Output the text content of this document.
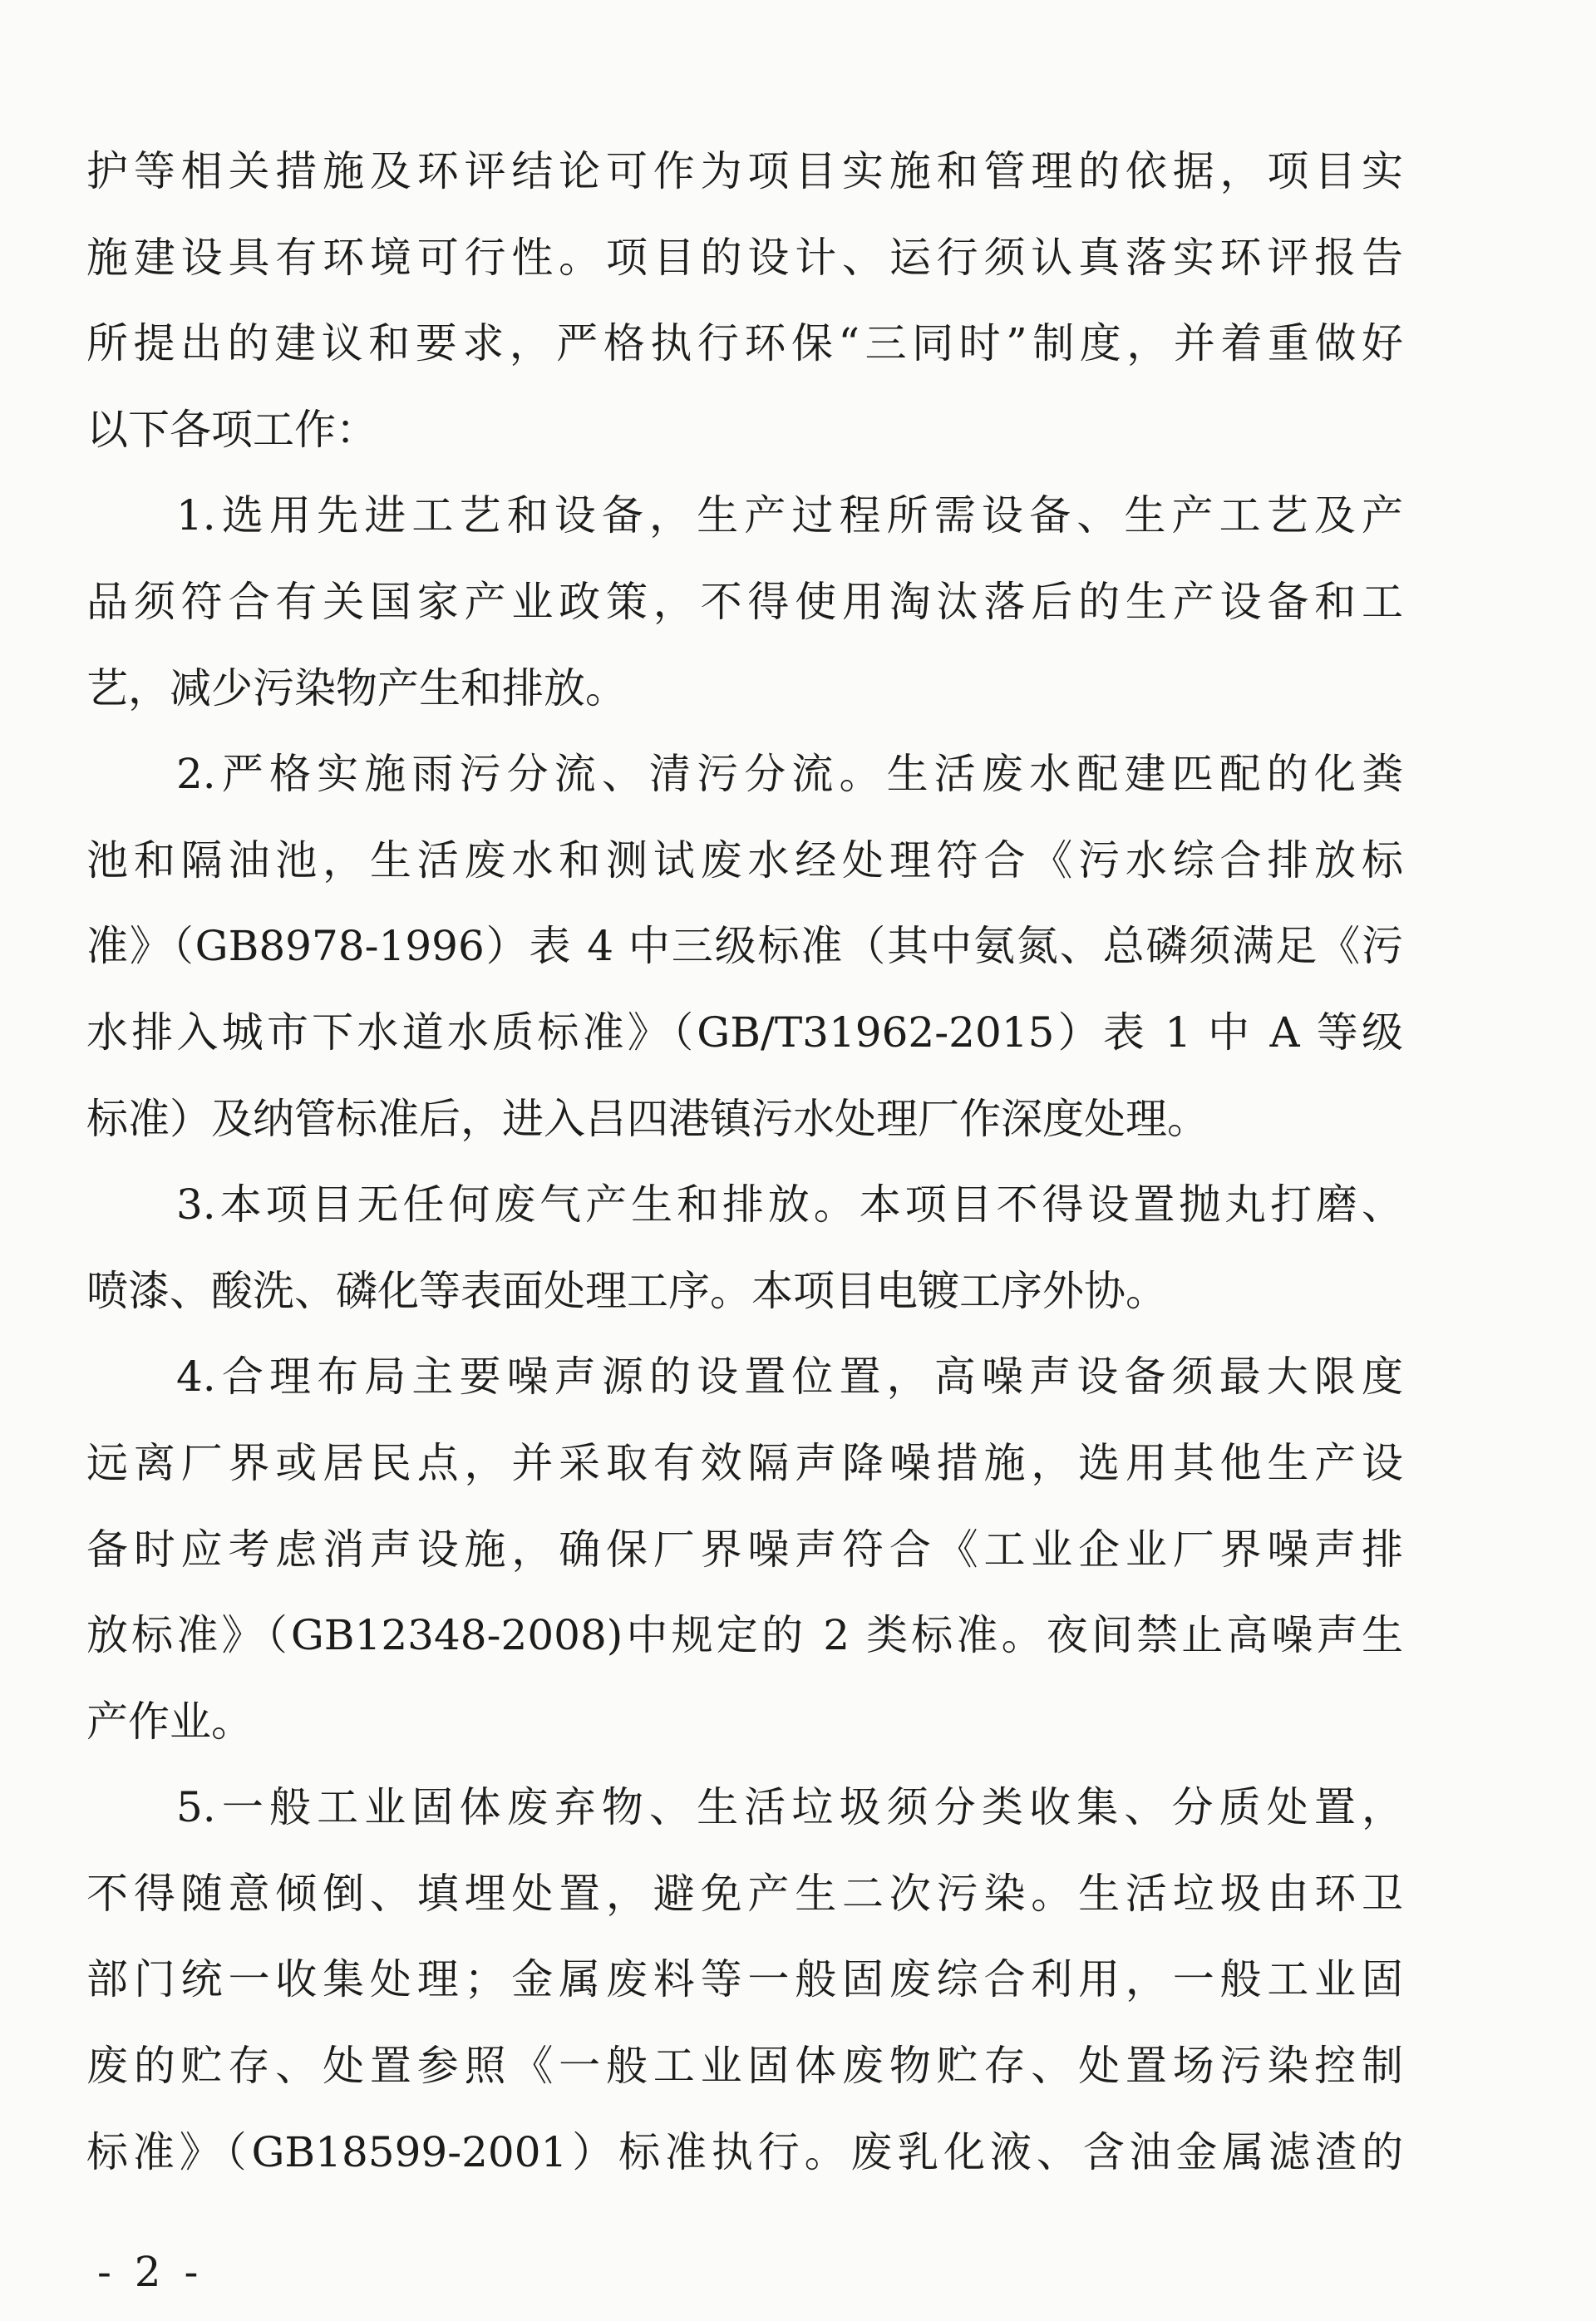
护等相关措施及环评结论可作为项目实施和管理的依据，项目实
施建设具有环境可行性。项目的设计、运行须认真落实环评报告
所提出的建议和要求，严格执行环保“三同时”制度，并着重做好
以下各项工作：
1.选用先进工艺和设备，生产过程所需设备、生产工艺及产
品须符合有关国家产业政策，不得使用淘汰落后的生产设备和工
艺，减少污染物产生和排放。
2.严格实施雨污分流、清污分流。生活废水配建匹配的化粪
池和隔油池，生活废水和测试废水经处理符合《污水综合排放标
准》（GB8978-1996）表 4 中三级标准（其中氨氮、总磷须满足《污
水排入城市下水道水质标准》（GB/T31962-2015）表 1 中 A 等级
标准）及纳管标准后，进入吕四港镇污水处理厂作深度处理。
3.本项目无任何废气产生和排放。本项目不得设置抛丸打磨、
喷漆、酸洗、磷化等表面处理工序。本项目电镀工序外协。
4.合理布局主要噪声源的设置位置，高噪声设备须最大限度
远离厂界或居民点，并采取有效隔声降噪措施，选用其他生产设
备时应考虑消声设施，确保厂界噪声符合《工业企业厂界噪声排
放标准》（GB12348-2008)中规定的 2 类标准。夜间禁止高噪声生
产作业。
5.一般工业固体废弃物、生活垃圾须分类收集、分质处置，
不得随意倾倒、填埋处置，避免产生二次污染。生活垃圾由环卫
部门统一收集处理；金属废料等一般固废综合利用，一般工业固
废的贮存、处置参照《一般工业固体废物贮存、处置场污染控制
标准》（GB18599-2001）标准执行。废乳化液、含油金属滤渣的
- 2 -
